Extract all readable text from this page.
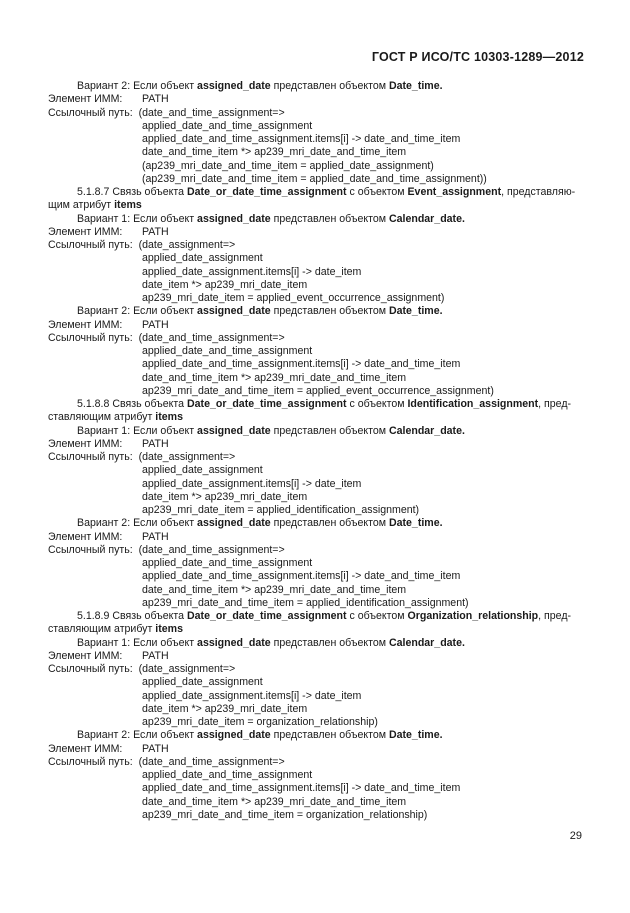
ГОСТ Р ИСО/ТС 10303-1289—2012
Вариант 2: Если объект assigned_date представлен объектом Date_time.
Элемент ИММ: PATH
Ссылочный путь: (date_and_time_assignment=>
applied_date_and_time_assignment
applied_date_and_time_assignment.items[i] -> date_and_time_item
date_and_time_item *> ap239_mri_date_and_time_item
(ap239_mri_date_and_time_item = applied_date_assignment)
(ap239_mri_date_and_time_item = applied_date_and_time_assignment))
5.1.8.7 Связь объекта Date_or_date_time_assignment с объектом Event_assignment, представляю-
щим атрибут items
Вариант 1: Если объект assigned_date представлен объектом Calendar_date.
Элемент ИММ: PATH
Ссылочный путь: (date_assignment=>
applied_date_assignment
applied_date_assignment.items[i] -> date_item
date_item *> ap239_mri_date_item
ap239_mri_date_item = applied_event_occurrence_assignment)
Вариант 2: Если объект assigned_date представлен объектом Date_time.
Элемент ИММ: PATH
Ссылочный путь: (date_and_time_assignment=>
applied_date_and_time_assignment
applied_date_and_time_assignment.items[i] -> date_and_time_item
date_and_time_item *> ap239_mri_date_and_time_item
ap239_mri_date_and_time_item = applied_event_occurrence_assignment)
5.1.8.8 Связь объекта Date_or_date_time_assignment с объектом Identification_assignment, пред-
ставляющим атрибут items
Вариант 1: Если объект assigned_date представлен объектом Calendar_date.
Элемент ИММ: PATH
Ссылочный путь: (date_assignment=>
applied_date_assignment
applied_date_assignment.items[i] -> date_item
date_item *> ap239_mri_date_item
ap239_mri_date_item = applied_identification_assignment)
Вариант 2: Если объект assigned_date представлен объектом Date_time.
Элемент ИММ: PATH
Ссылочный путь: (date_and_time_assignment=>
applied_date_and_time_assignment
applied_date_and_time_assignment.items[i] -> date_and_time_item
date_and_time_item *> ap239_mri_date_and_time_item
ap239_mri_date_and_time_item = applied_identification_assignment)
5.1.8.9 Связь объекта Date_or_date_time_assignment с объектом Organization_relationship, пред-
ставляющим атрибут items
Вариант 1: Если объект assigned_date представлен объектом Calendar_date.
Элемент ИММ: PATH
Ссылочный путь: (date_assignment=>
applied_date_assignment
applied_date_assignment.items[i] -> date_item
date_item *> ap239_mri_date_item
ap239_mri_date_item = organization_relationship)
Вариант 2: Если объект assigned_date представлен объектом Date_time.
Элемент ИММ: PATH
Ссылочный путь: (date_and_time_assignment=>
applied_date_and_time_assignment
applied_date_and_time_assignment.items[i] -> date_and_time_item
date_and_time_item *> ap239_mri_date_and_time_item
ap239_mri_date_and_time_item = organization_relationship)
29
